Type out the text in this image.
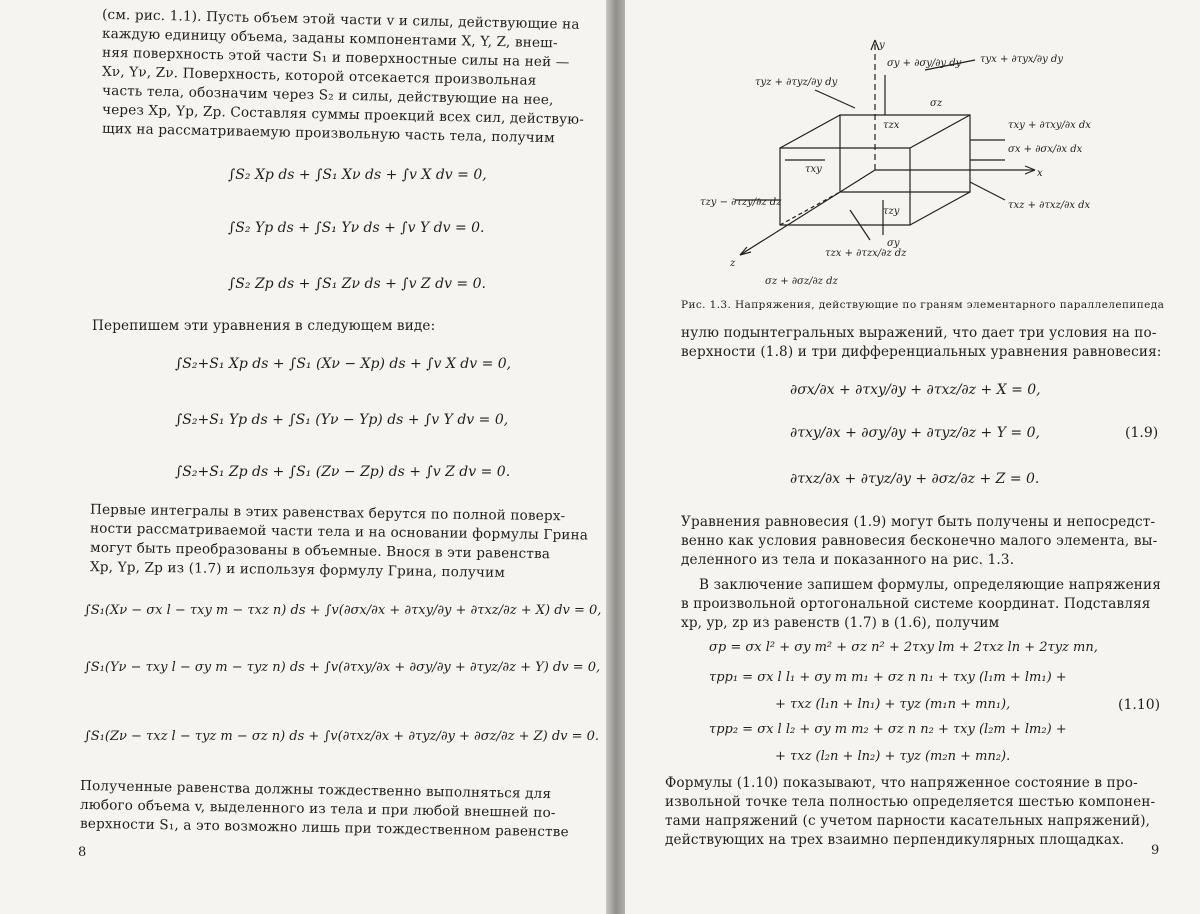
(см. рис. 1.1). Пусть объем этой части v и силы, действующие на
каждую единицу объема, заданы компонентами X, Y, Z, внеш-
няя поверхность этой части S₁ и поверхностные силы на ней —
Xν, Yν, Zν. Поверхность, которой отсекается произвольная
часть тела, обозначим через S₂ и силы, действующие на нее,
через Xp, Yp, Zp. Составляя суммы проекций всех сил, действую-
щих на рассматриваемую произвольную часть тела, получим
∫S₂ Xp ds + ∫S₁ Xν ds + ∫v X dv = 0,
∫S₂ Yp ds + ∫S₁ Yν ds + ∫v Y dv = 0.
∫S₂ Zp ds + ∫S₁ Zν ds + ∫v Z dv = 0.
Перепишем эти уравнения в следующем виде:
∫S₂+S₁ Xp ds + ∫S₁ (Xν − Xp) ds + ∫v X dv = 0,
∫S₂+S₁ Yp ds + ∫S₁ (Yν − Yp) ds + ∫v Y dv = 0,
∫S₂+S₁ Zp ds + ∫S₁ (Zν − Zp) ds + ∫v Z dv = 0.
Первые интегралы в этих равенствах берутся по полной поверх-
ности рассматриваемой части тела и на основании формулы Грина
могут быть преобразованы в объемные. Внося в эти равенства
Xp, Yp, Zp из (1.7) и используя формулу Грина, получим
∫S₁(Xν − σx l − τxy m − τxz n) ds + ∫v(∂σx/∂x + ∂τxy/∂y + ∂τxz/∂z + X) dv = 0,
∫S₁(Yν − τxy l − σy m − τyz n) ds + ∫v(∂τxy/∂x + ∂σy/∂y + ∂τyz/∂z + Y) dv = 0,
∫S₁(Zν − τxz l − τyz m − σz n) ds + ∫v(∂τxz/∂x + ∂τyz/∂y + ∂σz/∂z + Z) dv = 0.
Полученные равенства должны тождественно выполняться для
любого объема v, выделенного из тела и при любой внешней по-
верхности S₁, а это возможно лишь при тождественном равенстве
8
y
x
z
σy + ∂σy/∂y dy τyx + ∂τyx/∂y dy
τyz + ∂τyz/∂y dy
σz
τzx	τxy + ∂τxy/∂x dx
σx + ∂σx/∂x dx
τxz + ∂τxz/∂x dx
τzy − ∂τzy/∂z dz
τxy
τzy
σy
τzx + ∂τzx/∂z dz
σz + ∂σz/∂z dz
Рис. 1.3. Напряжения, действующие по граням элементарного параллелепипеда
нулю подынтегральных выражений, что дает три условия на по-
верхности (1.8) и три дифференциальных уравнения равновесия:
∂σx/∂x + ∂τxy/∂y + ∂τxz/∂z + X = 0,
∂τxy/∂x + ∂σy/∂y + ∂τyz/∂z + Y = 0,
∂τxz/∂x + ∂τyz/∂y + ∂σz/∂z + Z = 0.
(1.9)
Уравнения равновесия (1.9) могут быть получены и непосредст-
венно как условия равновесия бесконечно малого элемента, вы-
деленного из тела и показанного на рис. 1.3.
В заключение запишем формулы, определяющие напряжения
в произвольной ортогональной системе координат. Подставляя
xp, yp, zp из равенств (1.7) в (1.6), получим
σp = σx l² + σy m² + σz n² + 2τxy lm + 2τxz ln + 2τyz mn,
τpp₁ = σx l l₁ + σy m m₁ + σz n n₁ + τxy (l₁m + lm₁) +
+ τxz (l₁n + ln₁) + τyz (m₁n + mn₁),	(1.10)
τpp₂ = σx l l₂ + σy m m₂ + σz n n₂ + τxy (l₂m + lm₂) +
+ τxz (l₂n + ln₂) + τyz (m₂n + mn₂).
Формулы (1.10) показывают, что напряженное состояние в про-
извольной точке тела полностью определяется шестью компонен-
тами напряжений (с учетом парности касательных напряжений),
действующих на трех взаимно перпендикулярных площадках.
9
